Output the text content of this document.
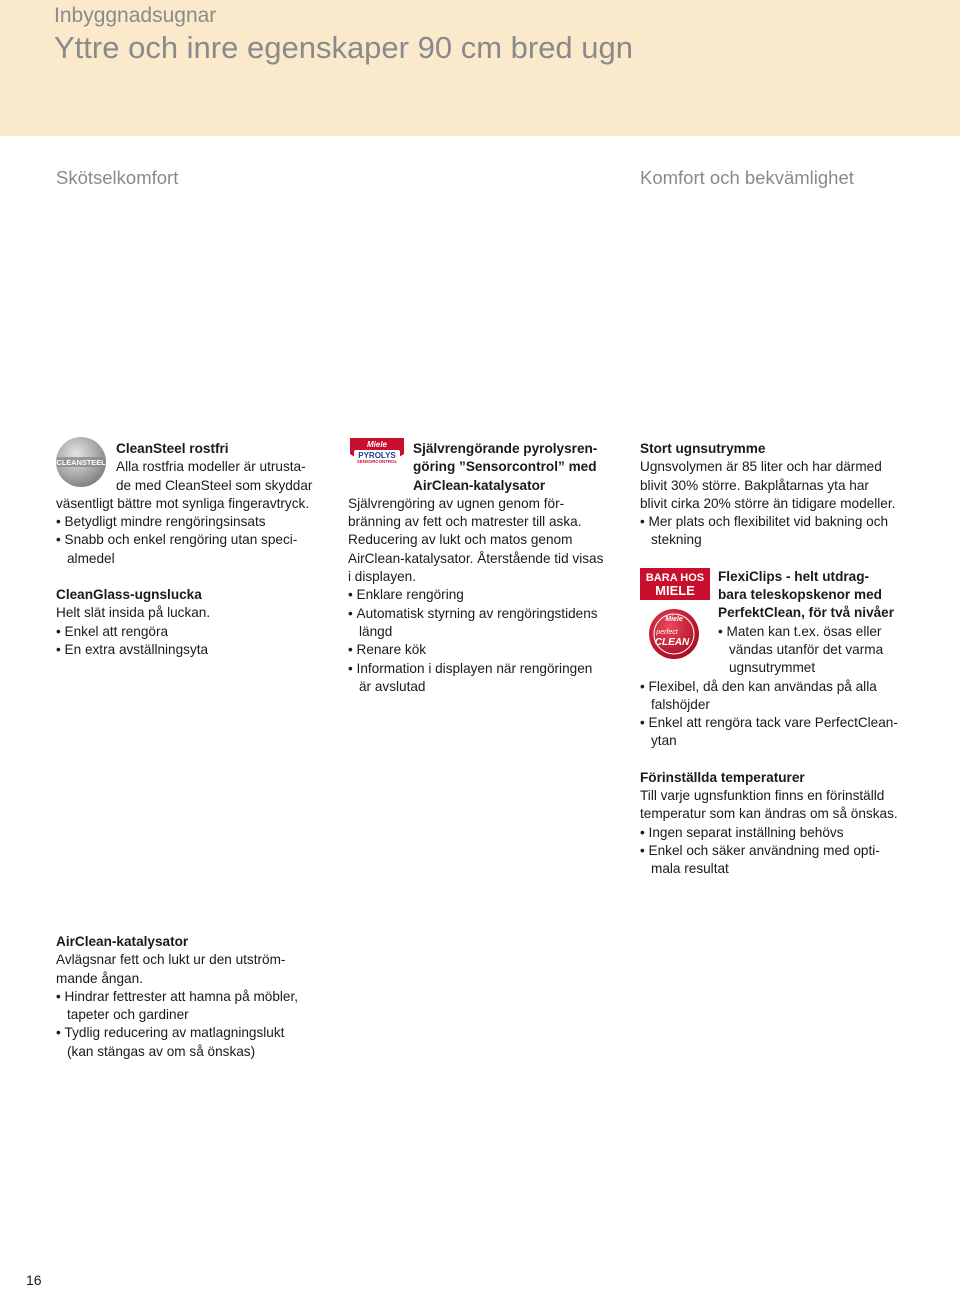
Inbyggnadsugnar
Yttre och inre egenskaper 90 cm bred ugn
Skötselkomfort	Komfort och bekvämlighet
CLEANSTEEL

CleanSteel rostfri

Alla rostfria modeller är utrusta-

de med CleanSteel som skyddar

väsentligt bättre mot synliga fingeravtryck.

• Betydligt mindre rengöringsinsats

• Snabb och enkel rengöring utan speci-

almedel

CleanGlass-ugnslucka

Helt slät insida på luckan.

• Enkel att rengöra

• En extra avställningsyta

Miele
PYROLYS
SENSORCONTROL

Självrengörande pyrolysren-

göring ”Sensorcontrol” med

AirClean-katalysator

Självrengöring av ugnen genom för-

bränning av fett och matrester till aska.

Reducering av lukt och matos genom

AirClean-katalysator. Återstående tid visas

i displayen.

• Enklare rengöring

• Automatisk styrning av rengöringstidens

längd

• Renare kök

• Information i displayen när rengöringen

är avslutad

BARA HOS
MIELE
Miele
perfect
CLEAN

Stort ugnsutrymme

Ugnsvolymen är 85 liter och har därmed

blivit 30% större. Bakplåtarnas yta har

blivit cirka 20% större än tidigare modeller.

• Mer plats och flexibilitet vid bakning och

stekning

FlexiClips - helt utdrag-

bara teleskopskenor med

PerfektClean, för två nivåer

• Maten kan t.ex. ösas eller

vändas utanför det varma

ugnsutrymmet

• Flexibel, då den kan användas på alla

falshöjder

• Enkel att rengöra tack vare PerfectClean-

ytan

Förinställda temperaturer

Till varje ugnsfunktion finns en förinställd

temperatur som kan ändras om så önskas.

• Ingen separat inställning behövs

• Enkel och säker användning med opti-

mala resultat

AirClean-katalysator

Avlägsnar fett och lukt ur den utström-

mande ångan.

• Hindrar fettrester att hamna på möbler,

tapeter och gardiner

• Tydlig reducering av matlagningslukt

(kan stängas av om så önskas)

16
